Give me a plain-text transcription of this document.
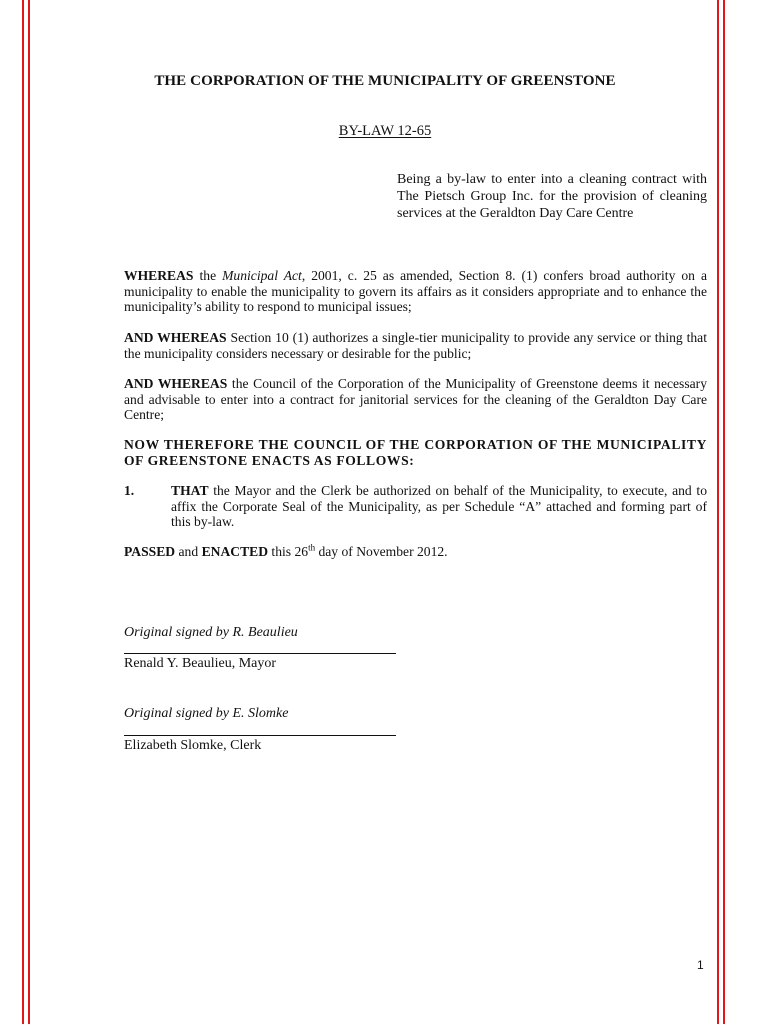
THE CORPORATION OF THE MUNICIPALITY OF GREENSTONE
BY-LAW 12-65
Being a by-law to enter into a cleaning contract with The Pietsch Group Inc. for the provision of cleaning services at the Geraldton Day Care Centre
WHEREAS the Municipal Act, 2001, c. 25 as amended, Section 8. (1) confers broad authority on a municipality to enable the municipality to govern its affairs as it considers appropriate and to enhance the municipality’s ability to respond to municipal issues;
AND WHEREAS Section 10 (1) authorizes a single-tier municipality to provide any service or thing that the municipality considers necessary or desirable for the public;
AND WHEREAS the Council of the Corporation of the Municipality of Greenstone deems it necessary and advisable to enter into a contract for janitorial services for the cleaning of the Geraldton Day Care Centre;
NOW THEREFORE THE COUNCIL OF THE CORPORATION OF THE MUNICIPALITY OF GREENSTONE ENACTS AS FOLLOWS:
1.	THAT the Mayor and the Clerk be authorized on behalf of the Municipality, to execute, and to affix the Corporate Seal of the Municipality, as per Schedule “A” attached and forming part of this by-law.
PASSED and ENACTED this 26th day of November 2012.
Original signed by R. Beaulieu
Renald Y. Beaulieu, Mayor
Original signed by E. Slomke
Elizabeth Slomke, Clerk
1
